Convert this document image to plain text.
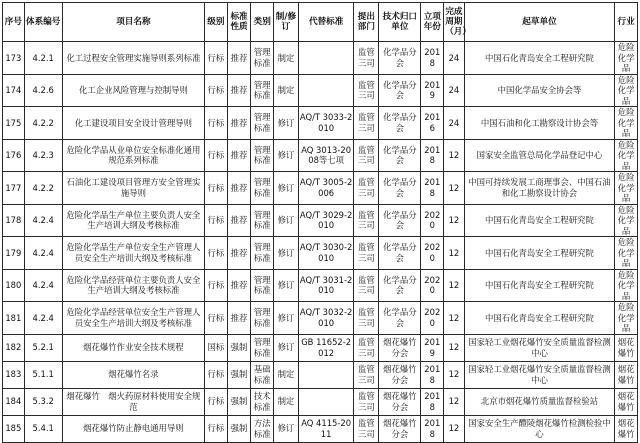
序号	体系编号	项目名称	级别	标准性质	类别	制/修订	代替标准	提出部门	技术归口单位	立项年份	完成周期（月）	起草单位	行业
173	4.2.1	化工过程安全管理实施导则系列标准	行标	推荐	管理标准	制定		监管三司	化学品分会	2018	24	中国石化青岛安全工程研究院	危险化学品
174	4.2.6	化工企业风险管理与控制导则	行标	推荐	管理标准	制定		监管三司	化学品分会	2019	24	中国化学品安全协会等	危险化学品
175	4.2.2	化工建设项目安全设计管理导则	行标	推荐	管理标准	修订	AQ/T 3033-2010	监管三司	化学品分会	2016	24	中国石油和化工勘察设计协会等	危险化学品
176	4.2.3	危险化学品从业单位安全标准化通用规范系列标准	行标	推荐	管理标准	修订	AQ 3013-2008等七项	监管三司	化学品分会	2018	12	国家安全监管总局化学品登记中心	危险化学品
177	4.2.2	石油化工建设项目管理方安全管理实施导则	行标	推荐	管理标准	修订	AQ/T 3005-2006	监管三司	化学品分会	2018	12	中国可持续发展工商理事会、中国石油和化工勘察设计协会	危险化学品
178	4.2.4	危险化学品生产单位主要负责人安全生产培训大纲及考核标准	行标	推荐	管理标准	修订	AQ/T 3029-2010	监管三司	化学品分会	2020	12	中国石化青岛安全工程研究院	危险化学品
179	4.2.4	危险化学品生产单位安全生产管理人员安全生产培训大纲及考核标准	行标	推荐	管理标准	修订	AQ/T 3030-2010	监管三司	化学品分会	2020	12	中国石化青岛安全工程研究院	危险化学品
180	4.2.4	危险化学品经营单位主要负责人安全生产培训大纲及考核标准	行标	推荐	管理标准	修订	AQ/T 3031-2010	监管三司	化学品分会	2020	12	中国石化青岛安全工程研究院	危险化学品
181	4.2.4	危险化学品经营单位安全生产管理人员安全生产培训大纲及考核标准	行标	推荐	管理标准	修订	AQ/T 3032-2010	监管三司	化学品分会	2020	12	中国石化青岛安全工程研究院	危险化学品
182	5.2.1	烟花爆竹作业安全技术规程	国标	强制	管理标准	修订	GB 11652-2012	监管三司	烟花爆竹分会	2019	12	国家轻工业烟花爆竹安全质量监督检测中心	烟花爆竹
183	5.1.1	烟花爆竹名录	行标	强制	基础标准	制定		监管三司	烟花爆竹分会	2018	12	国家轻工业烟花爆竹安全质量监督检测中心	烟花爆竹
184	5.3.2	烟花爆竹　烟火药原材料使用安全规范	行标	强制	技术标准	制定		监管三司	烟花爆竹分会	2018	12	北京市烟花爆竹质量监督检验站	烟花爆竹
185	5.4.1	烟花爆竹防止静电通用导则	行标	强制	方法标准	修订	AQ 4115-2011	监管三司	烟花爆竹分会	2018	12	国家安全生产醴陵烟花爆竹检测检验中心	烟花爆竹
